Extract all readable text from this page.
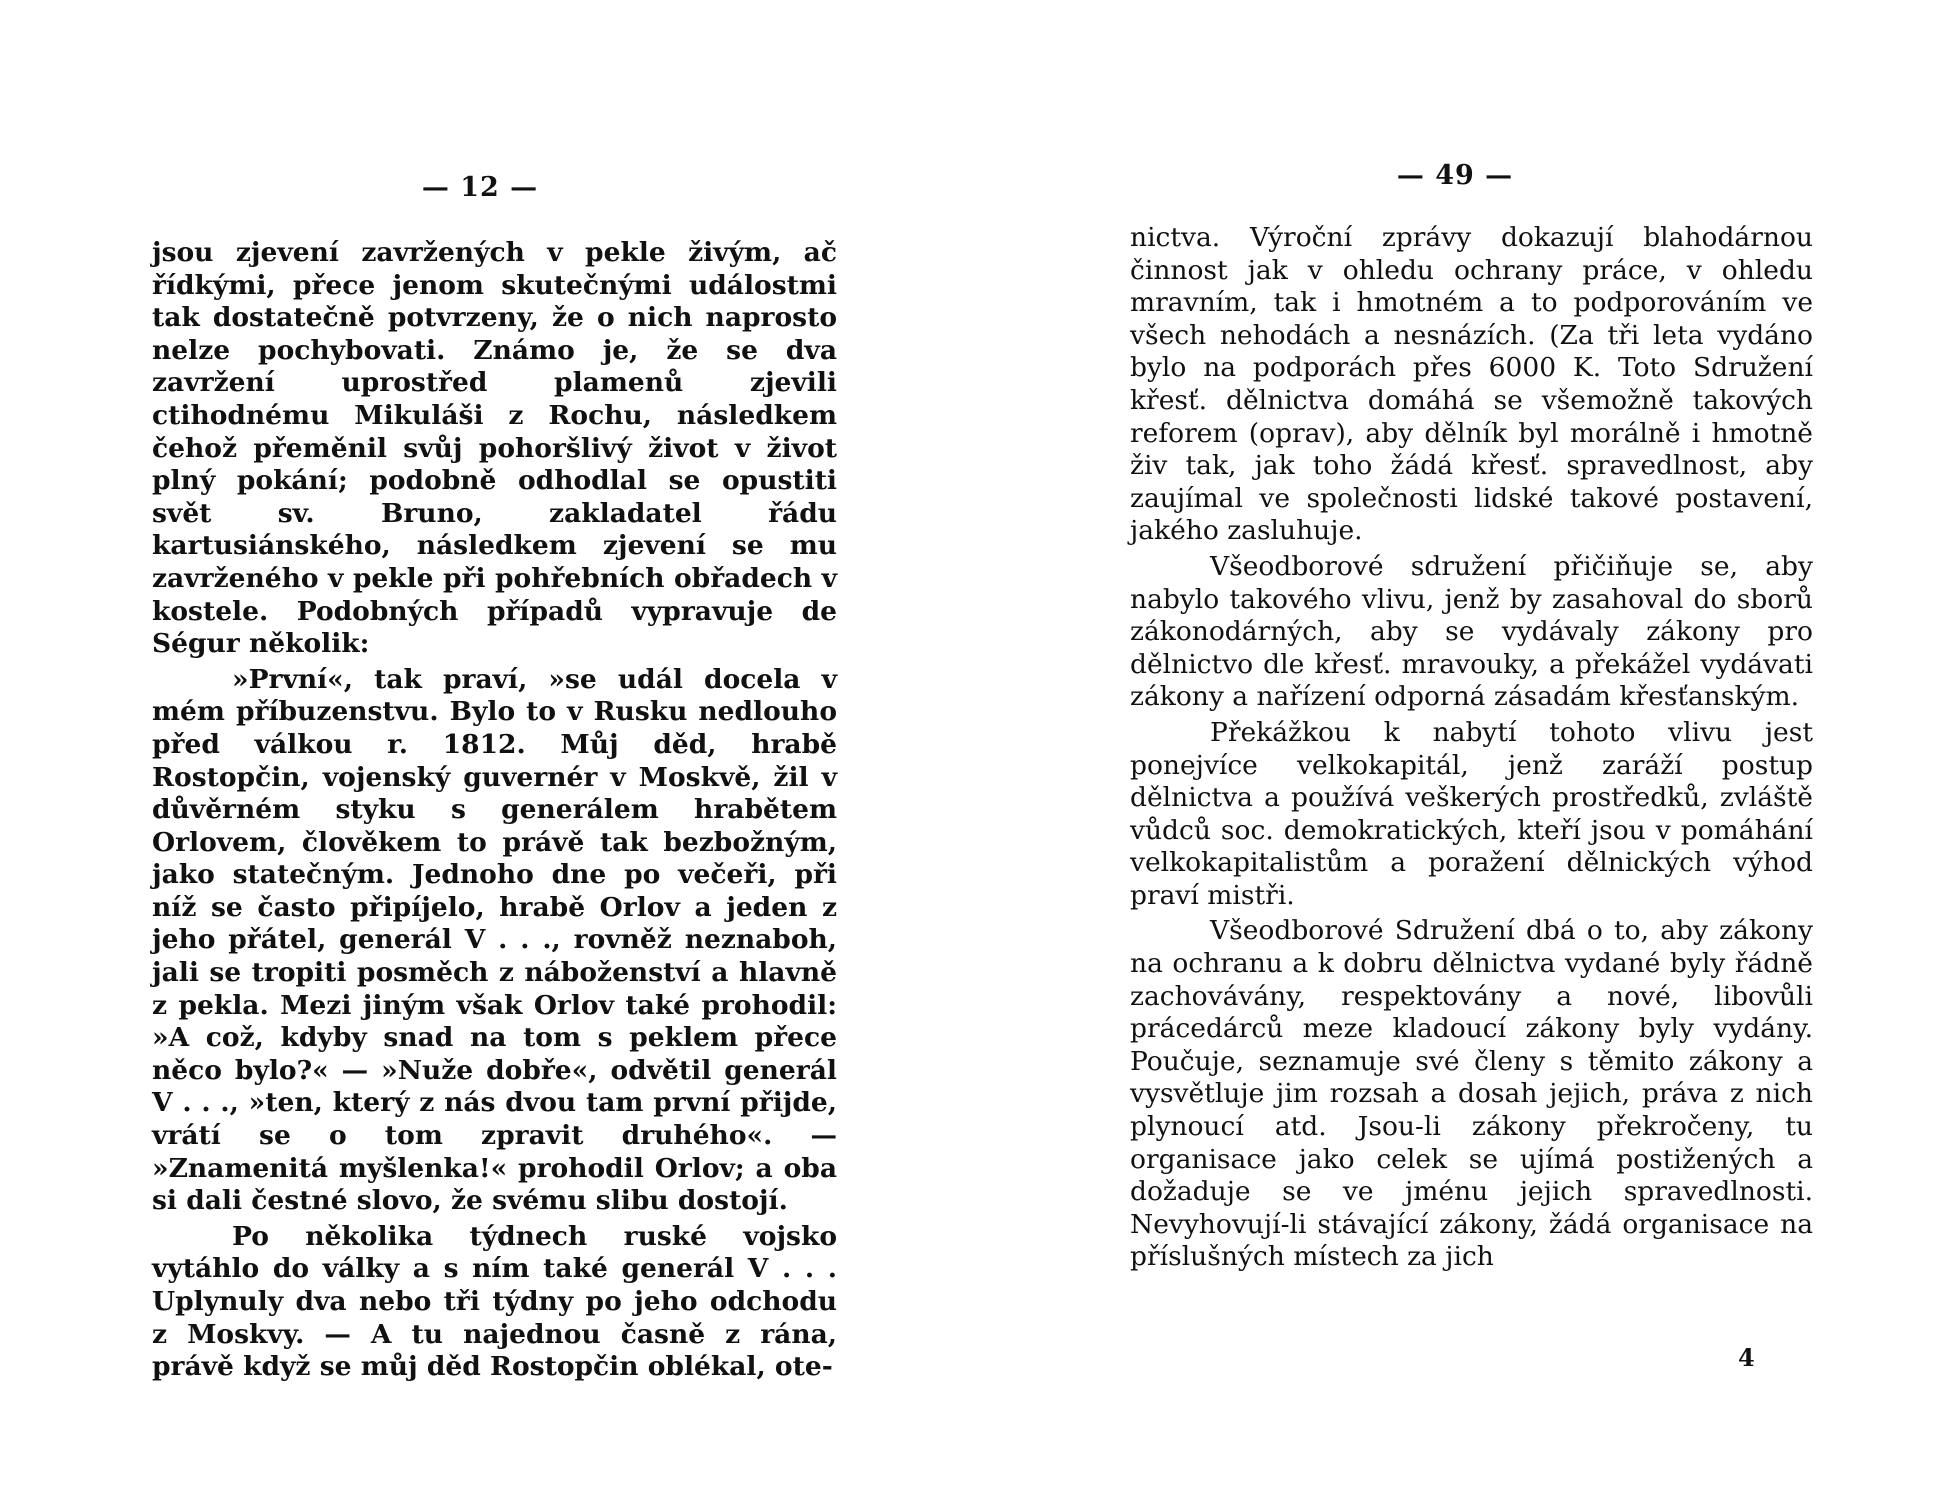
— 12 —

jsou zjevení zavržených v pekle živým, ač řídkými, přece jenom skutečnými událostmi tak dostatečně potvrzeny, že o nich naprosto nelze pochybovati. Známo je, že se dva zavržení uprostřed plamenů zjevili ctihodnému Mikuláši z Rochu, následkem čehož přeměnil svůj pohoršlivý život v život plný pokání; podobně odhodlal se opustiti svět sv. Bruno, zakladatel řádu kartusiánského, následkem zjevení se mu zavrženého v pekle při pohřebních obřadech v kostele. Podobných případů vypravuje de Ségur několik:

»První«, tak praví, »se udál docela v mém příbuzenstvu. Bylo to v Rusku nedlouho před válkou r. 1812. Můj děd, hrabě Rostopčin, vojenský guvernér v Moskvě, žil v důvěrném styku s generálem hrabětem Orlovem, člověkem to právě tak bezbožným, jako statečným. Jednoho dne po večeři, při níž se často připíjelo, hrabě Orlov a jeden z jeho přátel, generál V . . ., rovněž neznaboh, jali se tropiti posměch z náboženství a hlavně z pekla. Mezi jiným však Orlov také prohodil: »A což, kdyby snad na tom s peklem přece něco bylo?« — »Nuže dobře«, odvětil generál V . . ., »ten, který z nás dvou tam první přijde, vrátí se o tom zpravit druhého«. — »Znamenitá myšlenka!« prohodil Orlov; a oba si dali čestné slovo, že svému slibu dostojí.

Po několika týdnech ruské vojsko vytáhlo do války a s ním také generál V . . . Uplynuly dva nebo tři týdny po jeho odchodu z Moskvy. — A tu najednou časně z rána, právě když se můj děd Rostopčin oblékal, ote-

— 49 —

nictva. Výroční zprávy dokazují blahodárnou činnost jak v ohledu ochrany práce, v ohledu mravním, tak i hmotném a to podporováním ve všech nehodách a nesnázích. (Za tři leta vydáno bylo na podporách přes 6000 K. Toto Sdružení křesť. dělnictva domáhá se všemožně takových reforem (oprav), aby dělník byl morálně i hmotně živ tak, jak toho žádá křesť. spravedlnost, aby zaujímal ve společnosti lidské takové postavení, jakého zasluhuje.

Všeodborové sdružení přičiňuje se, aby nabylo takového vlivu, jenž by zasahoval do sborů zákonodárných, aby se vydávaly zákony pro dělnictvo dle křesť. mravouky, a překážel vydávati zákony a nařízení odporná zásadám křesťanským.

Překážkou k nabytí tohoto vlivu jest ponejvíce velkokapitál, jenž zaráží postup dělnictva a používá veškerých prostředků, zvláště vůdců soc. demokratických, kteří jsou v pomáhání velkokapitalistům a poražení dělnických výhod praví mistři.

Všeodborové Sdružení dbá o to, aby zákony na ochranu a k dobru dělnictva vydané byly řádně zachovávány, respektovány a nové, libovůli prácedárců meze kladoucí zákony byly vydány. Poučuje, seznamuje své členy s těmito zákony a vysvětluje jim rozsah a dosah jejich, práva z nich plynoucí atd. Jsou-li zákony překročeny, tu organisace jako celek se ujímá postižených a dožaduje se ve jménu jejich spravedlnosti. Nevyhovují-li stávající zákony, žádá organisace na příslušných místech za jich

4
